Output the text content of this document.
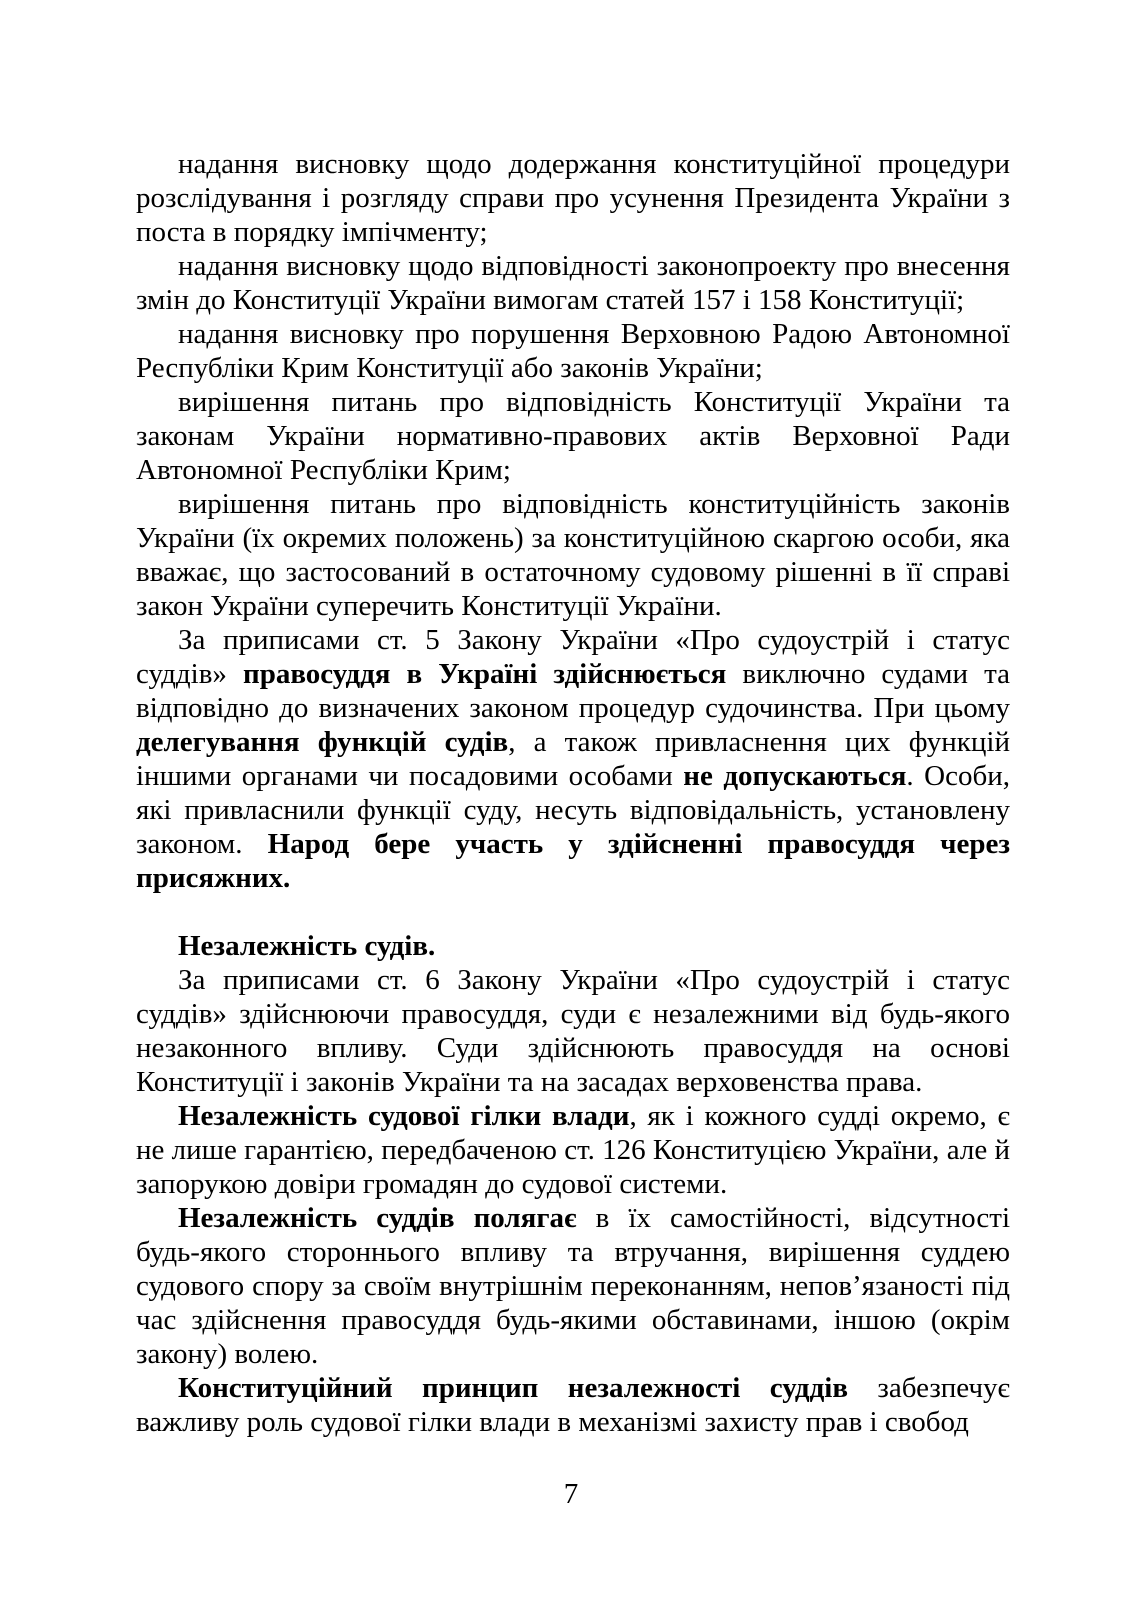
надання висновку щодо додержання конституційної процедури розслідування і розгляду справи про усунення Президента України з поста в порядку імпічменту;

надання висновку щодо відповідності законопроекту про внесення змін до Конституції України вимогам статей 157 і 158 Конституції;

надання висновку про порушення Верховною Радою Автономної Республіки Крим Конституції або законів України;

вирішення питань про відповідність Конституції України та законам України нормативно-правових актів Верховної Ради Автономної Республіки Крим;

вирішення питань про відповідність конституційність законів України (їх окремих положень) за конституційною скаргою особи, яка вважає, що застосований в остаточному судовому рішенні в її справі закон України суперечить Конституції України.

За приписами ст. 5 Закону України «Про судоустрій і статус суддів» правосуддя в Україні здійснюється виключно судами та відповідно до визначених законом процедур судочинства. При цьому делегування функцій судів, а також привласнення цих функцій іншими органами чи посадовими особами не допускаються. Особи, які привласнили функції суду, несуть відповідальність, установлену законом. Народ бере участь у здійсненні правосуддя через присяжних.

Незалежність судів.

За приписами ст. 6 Закону України «Про судоустрій і статус суддів» здійснюючи правосуддя, суди є незалежними від будь-якого незаконного впливу. Суди здійснюють правосуддя на основі Конституції і законів України та на засадах верховенства права.

Незалежність судової гілки влади, як і кожного судді окремо, є не лише гарантією, передбаченою ст. 126 Конституцією України, але й запорукою довіри громадян до судової системи.

Незалежність суддів полягає в їх самостійності, відсутності будь-якого стороннього впливу та втручання, вирішення суддею судового спору за своїм внутрішнім переконанням, непов’язаності під час здійснення правосуддя будь-якими обставинами, іншою (окрім закону) волею.

Конституційний принцип незалежності суддів забезпечує важливу роль судової гілки влади в механізмі захисту прав і свобод

7
